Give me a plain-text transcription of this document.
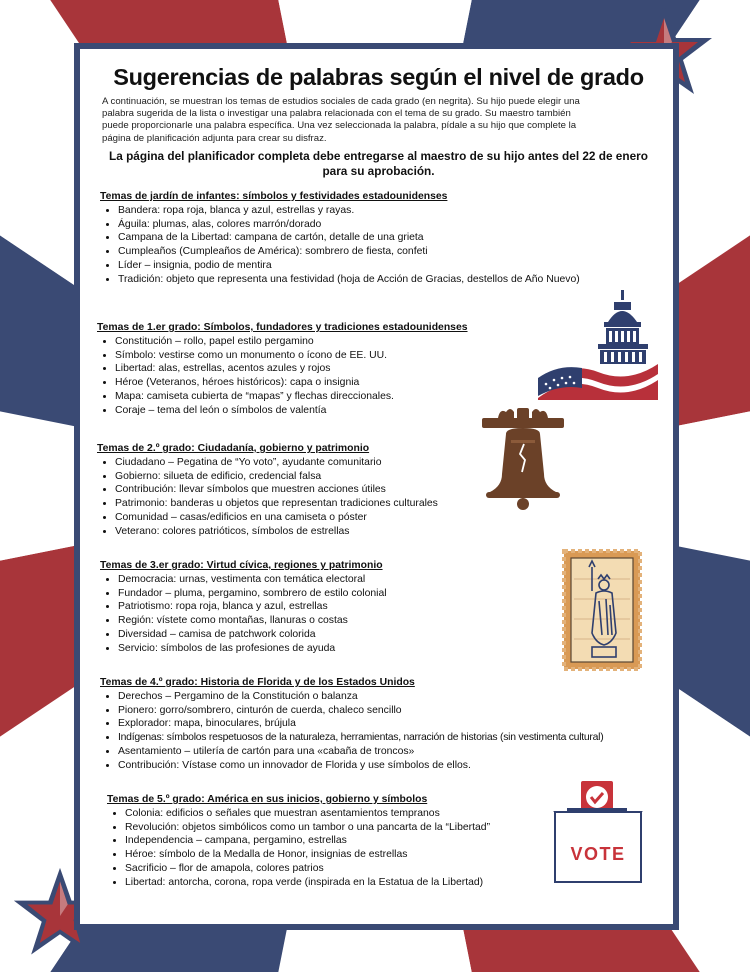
Sugerencias de palabras según el nivel de grado

A continuación, se muestran los temas de estudios sociales de cada grado (en negrita). Su hijo puede elegir una palabra sugerida de la lista o investigar una palabra relacionada con el tema de su grado. Su maestro también puede proporcionarle una palabra específica. Una vez seleccionada la palabra, pídale a su hijo que complete la página de planificación adjunta para crear su disfraz.

La página del planificador completa debe entregarse al maestro de su hijo antes del 22 de enero para su aprobación.

Temas de jardín de infantes: símbolos y festividades estadounidenses
• Bandera: ropa roja, blanca y azul, estrellas y rayas.
• Águila: plumas, alas, colores marrón/dorado
• Campana de la Libertad: campana de cartón, detalle de una grieta
• Cumpleaños (Cumpleaños de América): sombrero de fiesta, confeti
• Líder – insignia, podio de mentira
• Tradición: objeto que representa una festividad (hoja de Acción de Gracias, destellos de Año Nuevo)
Temas de 1.er grado: Símbolos, fundadores y tradiciones estadounidenses
• Constitución – rollo, papel estilo pergamino
• Símbolo: vestirse como un monumento o ícono de EE. UU.
• Libertad: alas, estrellas, acentos azules y rojos
• Héroe (Veteranos, héroes históricos): capa o insignia
• Mapa: camiseta cubierta de “mapas” y flechas direccionales.
• Coraje – tema del león o símbolos de valentía
Temas de 2.º grado: Ciudadanía, gobierno y patrimonio
• Ciudadano – Pegatina de “Yo voto”, ayudante comunitario
• Gobierno: silueta de edificio, credencial falsa
• Contribución: llevar símbolos que muestren acciones útiles
• Patrimonio: banderas u objetos que representan tradiciones culturales
• Comunidad – casas/edificios en una camiseta o póster
• Veterano: colores patrióticos, símbolos de estrellas
Temas de 3.er grado: Virtud cívica, regiones y patrimonio
• Democracia: urnas, vestimenta con temática electoral
• Fundador – pluma, pergamino, sombrero de estilo colonial
• Patriotismo: ropa roja, blanca y azul, estrellas
• Región: vístete como montañas, llanuras o costas
• Diversidad – camisa de patchwork colorida
• Servicio: símbolos de las profesiones de ayuda
Temas de 4.º grado: Historia de Florida y de los Estados Unidos
• Derechos – Pergamino de la Constitución o balanza
• Pionero: gorro/sombrero, cinturón de cuerda, chaleco sencillo
• Explorador: mapa, binoculares, brújula
• Indígenas: símbolos respetuosos de la naturaleza, herramientas, narración de historias (sin vestimenta cultural)
• Asentamiento – utilería de cartón para una «cabaña de troncos»
• Contribución: Vístase como un innovador de Florida y use símbolos de ellos.
Temas de 5.º grado: América en sus inicios, gobierno y símbolos
• Colonia: edificios o señales que muestran asentamientos tempranos
• Revolución: objetos simbólicos como un tambor o una pancarta de la “Libertad”
• Independencia – campana, pergamino, estrellas
• Héroe: símbolo de la Medalla de Honor, insignias de estrellas
• Sacrificio – flor de amapola, colores patrios
• Libertad: antorcha, corona, ropa verde (inspirada en la Estatua de la Libertad)
VOTE
